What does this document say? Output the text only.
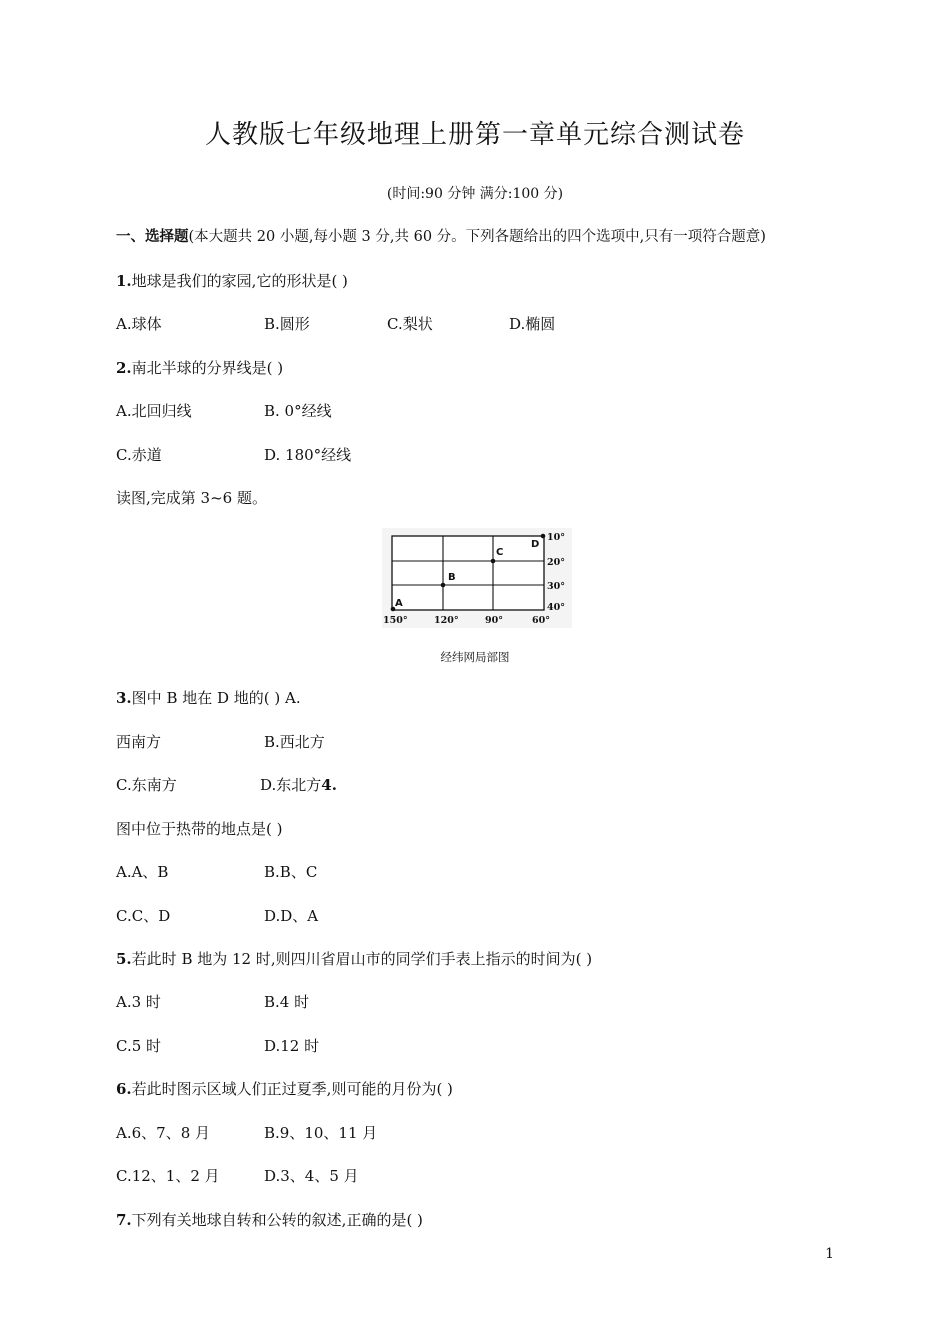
人教版七年级地理上册第一章单元综合测试卷
(时间:90 分钟 满分:100 分)
一、选择题(本大题共 20 小题,每小题 3 分,共 60 分。下列各题给出的四个选项中,只有一项符合题意)
1.地球是我们的家园,它的形状是( )
A.球体	B.圆形	C.梨状	D.椭圆
2.南北半球的分界线是( )
A.北回归线	B. 0°经线
C.赤道	D. 180°经线
读图,完成第 3~6 题。
A
B
C
D
10°
20°
30°
40°
150°	120°	90°	60°
经纬网局部图
3.图中 B 地在 D 地的( ) A.
西南方	B.西北方
C.东南方	D.东北方4.
图中位于热带的地点是( )
A.A、B	B.B、C
C.C、D	D.D、A
5.若此时 B 地为 12 时,则四川省眉山市的同学们手表上指示的时间为( )
A.3 时	B.4 时
C.5 时	D.12 时
6.若此时图示区域人们正过夏季,则可能的月份为( )
A.6、7、8 月	B.9、10、11 月
C.12、1、2 月	D.3、4、5 月
7.下列有关地球自转和公转的叙述,正确的是( )
1
